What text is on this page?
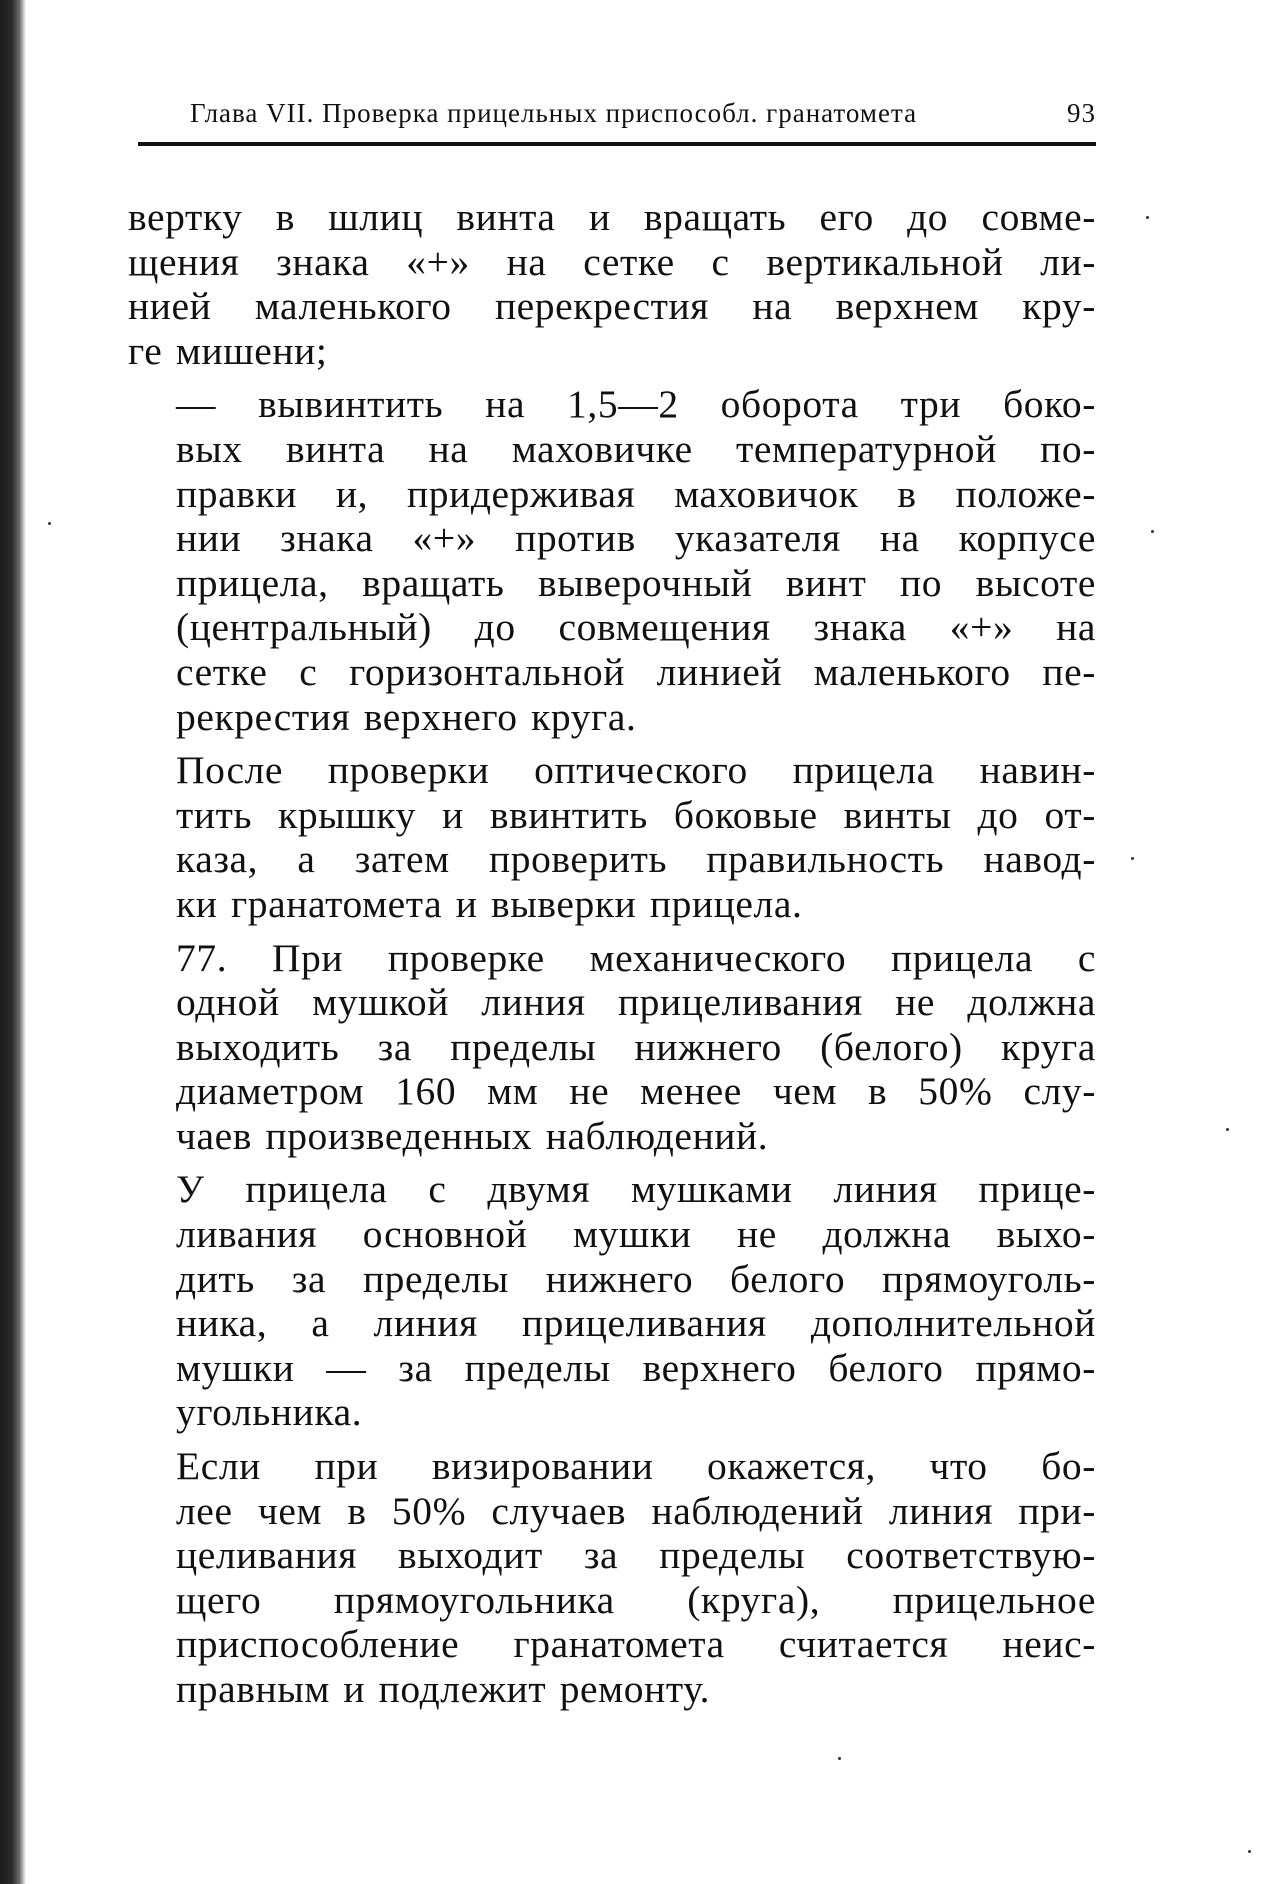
Глава VII. Проверка прицельных приспособл. гранатомета	93

вертку в шлиц винта и вращать его до совме-
щения знака «+» на сетке с вертикальной ли-
нией маленького перекрестия на верхнем кру-
ге мишени;

— вывинтить на 1,5—2 оборота три боко-
вых винта на маховичке температурной по-
правки и, придерживая маховичок в положе-
нии знака «+» против указателя на корпусе
прицела, вращать выверочный винт по высоте
(центральный) до совмещения знака «+» на
сетке с горизонтальной линией маленького пе-
рекрестия верхнего круга.

После проверки оптического прицела навин-
тить крышку и ввинтить боковые винты до от-
каза, а затем проверить правильность навод-
ки гранатомета и выверки прицела.

77. При проверке механического прицела с
одной мушкой линия прицеливания не должна
выходить за пределы нижнего (белого) круга
диаметром 160 мм не менее чем в 50% слу-
чаев произведенных наблюдений.

У прицела с двумя мушками линия прице-
ливания основной мушки не должна выхо-
дить за пределы нижнего белого прямоуголь-
ника, а линия прицеливания дополнительной
мушки — за пределы верхнего белого прямо-
угольника.

Если при визировании окажется, что бо-
лее чем в 50% случаев наблюдений линия при-
целивания выходит за пределы соответствую-
щего прямоугольника (круга), прицельное
приспособление гранатомета считается неис-
правным и подлежит ремонту.
